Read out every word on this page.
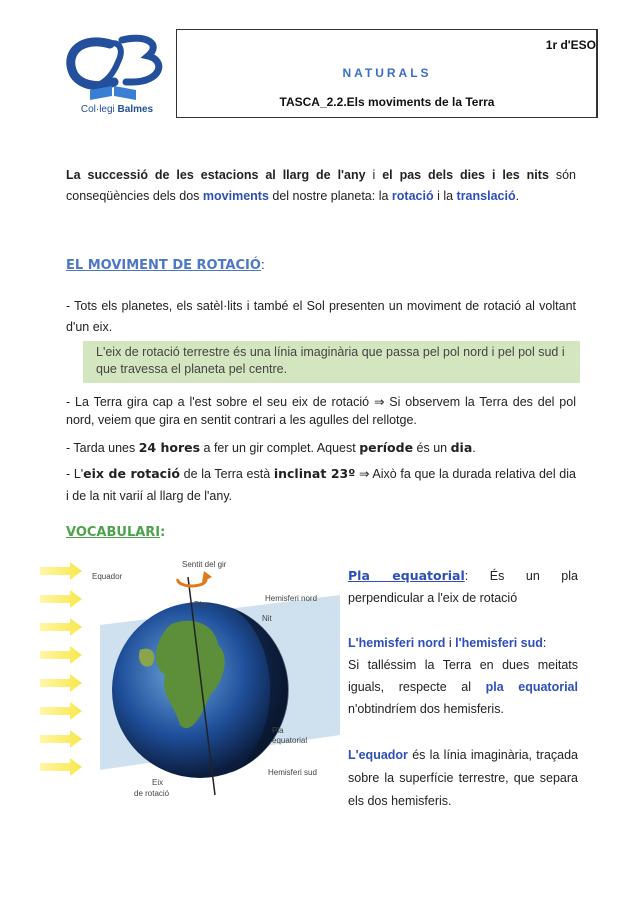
Col·legi Balmes
1r d'ESO
NATURALS
TASCA_2.2.Els moviments de la Terra
La successió de les estacions al llarg de l'any i el pas dels dies i les nits són conseqüències dels dos moviments del nostre planeta: la rotació i la translació.
EL MOVIMENT DE ROTACIÓ:
- Tots els planetes, els satèl·lits i també el Sol presenten un moviment de rotació al voltant d'un eix.
L'eix de rotació terrestre és una línia imaginària que passa pel pol nord i pel pol sud i que travessa el planeta pel centre.
- La Terra gira cap a l'est sobre el seu eix de rotació ⇒ Si observem la Terra des del pol nord, veiem que gira en sentit contrari a les agulles del rellotge.
- Tarda unes 24 hores a fer un gir complet. Aquest període és un dia.
- L'eix de rotació de la Terra està inclinat 23º ⇒ Això fa que la durada relativa del dia i de la nit varií al llarg de l'any.
VOCABULARI:
Sentit del gir
Equador
Dia
Hemisferi nord
Nit
Pla
equatorial
Hemisferi sud
Eix
de rotació
Pla equatorial: És un pla perpendicular a l'eix de rotació
L'hemisferi nord i l'hemisferi sud:
Si talléssim la Terra en dues meitats iguals, respecte al pla equatorial n'obtindríem dos hemisferis.
L'equador és la línia imaginària, traçada sobre la superfície terrestre, que separa els dos hemisferis.
